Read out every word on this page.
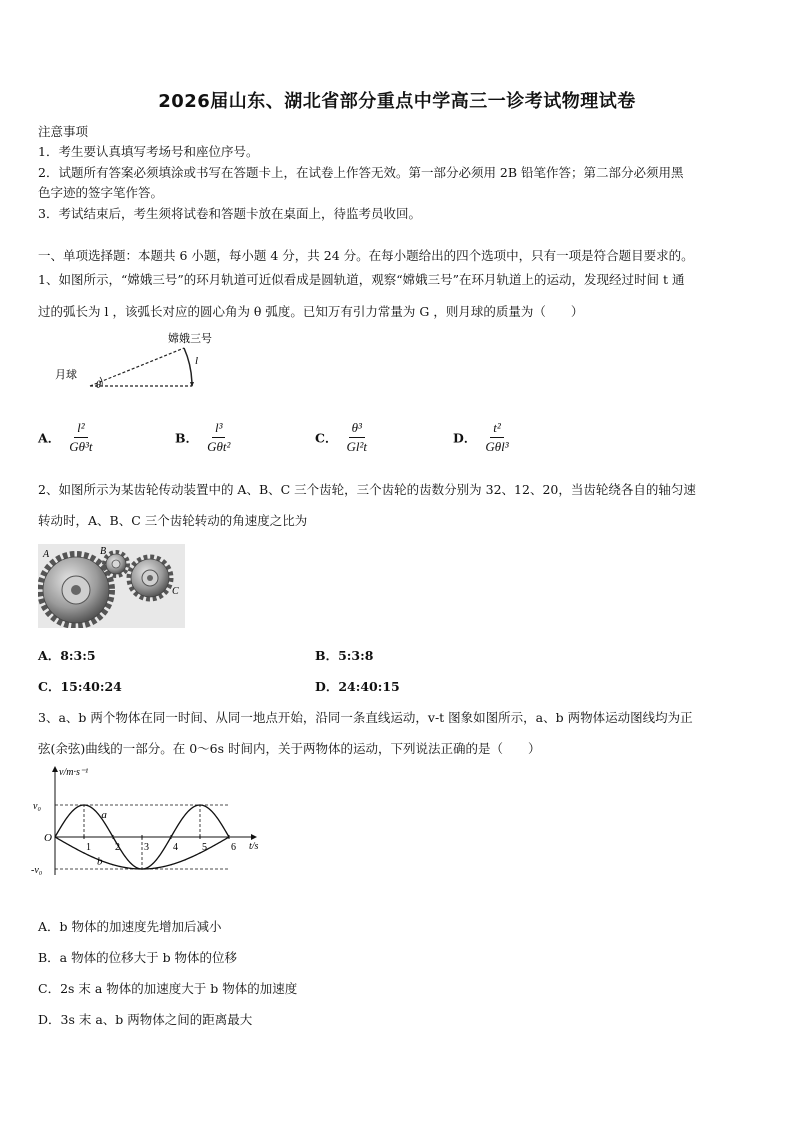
2026届山东、湖北省部分重点中学高三一诊考试物理试卷
注意事项
1．考生要认真填写考场号和座位序号。
2．试题所有答案必须填涂或书写在答题卡上，在试卷上作答无效。第一部分必须用 2B 铅笔作答；第二部分必须用黑
色字迹的签字笔作答。
3．考试结束后，考生须将试卷和答题卡放在桌面上，待监考员收回。
一、单项选择题：本题共 6 小题，每小题 4 分，共 24 分。在每小题给出的四个选项中，只有一项是符合题目要求的。
1、如图所示，“嫦娥三号”的环月轨道可近似看成是圆轨道，观察“嫦娥三号”在环月轨道上的运动，发现经过时间 t 通
过的弧长为 l ，该弧长对应的圆心角为 θ 弧度。已知万有引力常量为 G ，则月球的质量为（　　）
月球
嫦娥三号
l
θ
A． $\frac{\text{l²}}{\text{Gθ³t}}$	B． $\frac{\text{l³}}{\text{Gθt²}}$	C． $\frac{\text{θ³}}{\text{Gl²t}}$	D． $\frac{\text{t²}}{\text{Gθl³}}$
2、如图所示为某齿轮传动装置中的 A、B、C 三个齿轮，三个齿轮的齿数分别为 32、12、20，当齿轮绕各自的轴匀速
转动时，A、B、C 三个齿轮转动的角速度之比为
A	B
C
A．8:3:5	B．5:3:8
C．15:40:24	D．24:40:15
3、a、b 两个物体在同一时间、从同一地点开始，沿同一条直线运动，v-t 图象如图所示，a、b 两物体运动图线均为正
弦(余弦)曲线的一部分。在 0～6s 时间内，关于两物体的运动，下列说法正确的是（　　）
1 2 3 4 5 6
v₀
-v₀
O
t/s
v/m·s⁻¹
a
b
A．b 物体的加速度先增加后减小
B．a 物体的位移大于 b 物体的位移
C．2s 末 a 物体的加速度大于 b 物体的加速度
D．3s 末 a、b 两物体之间的距离最大
